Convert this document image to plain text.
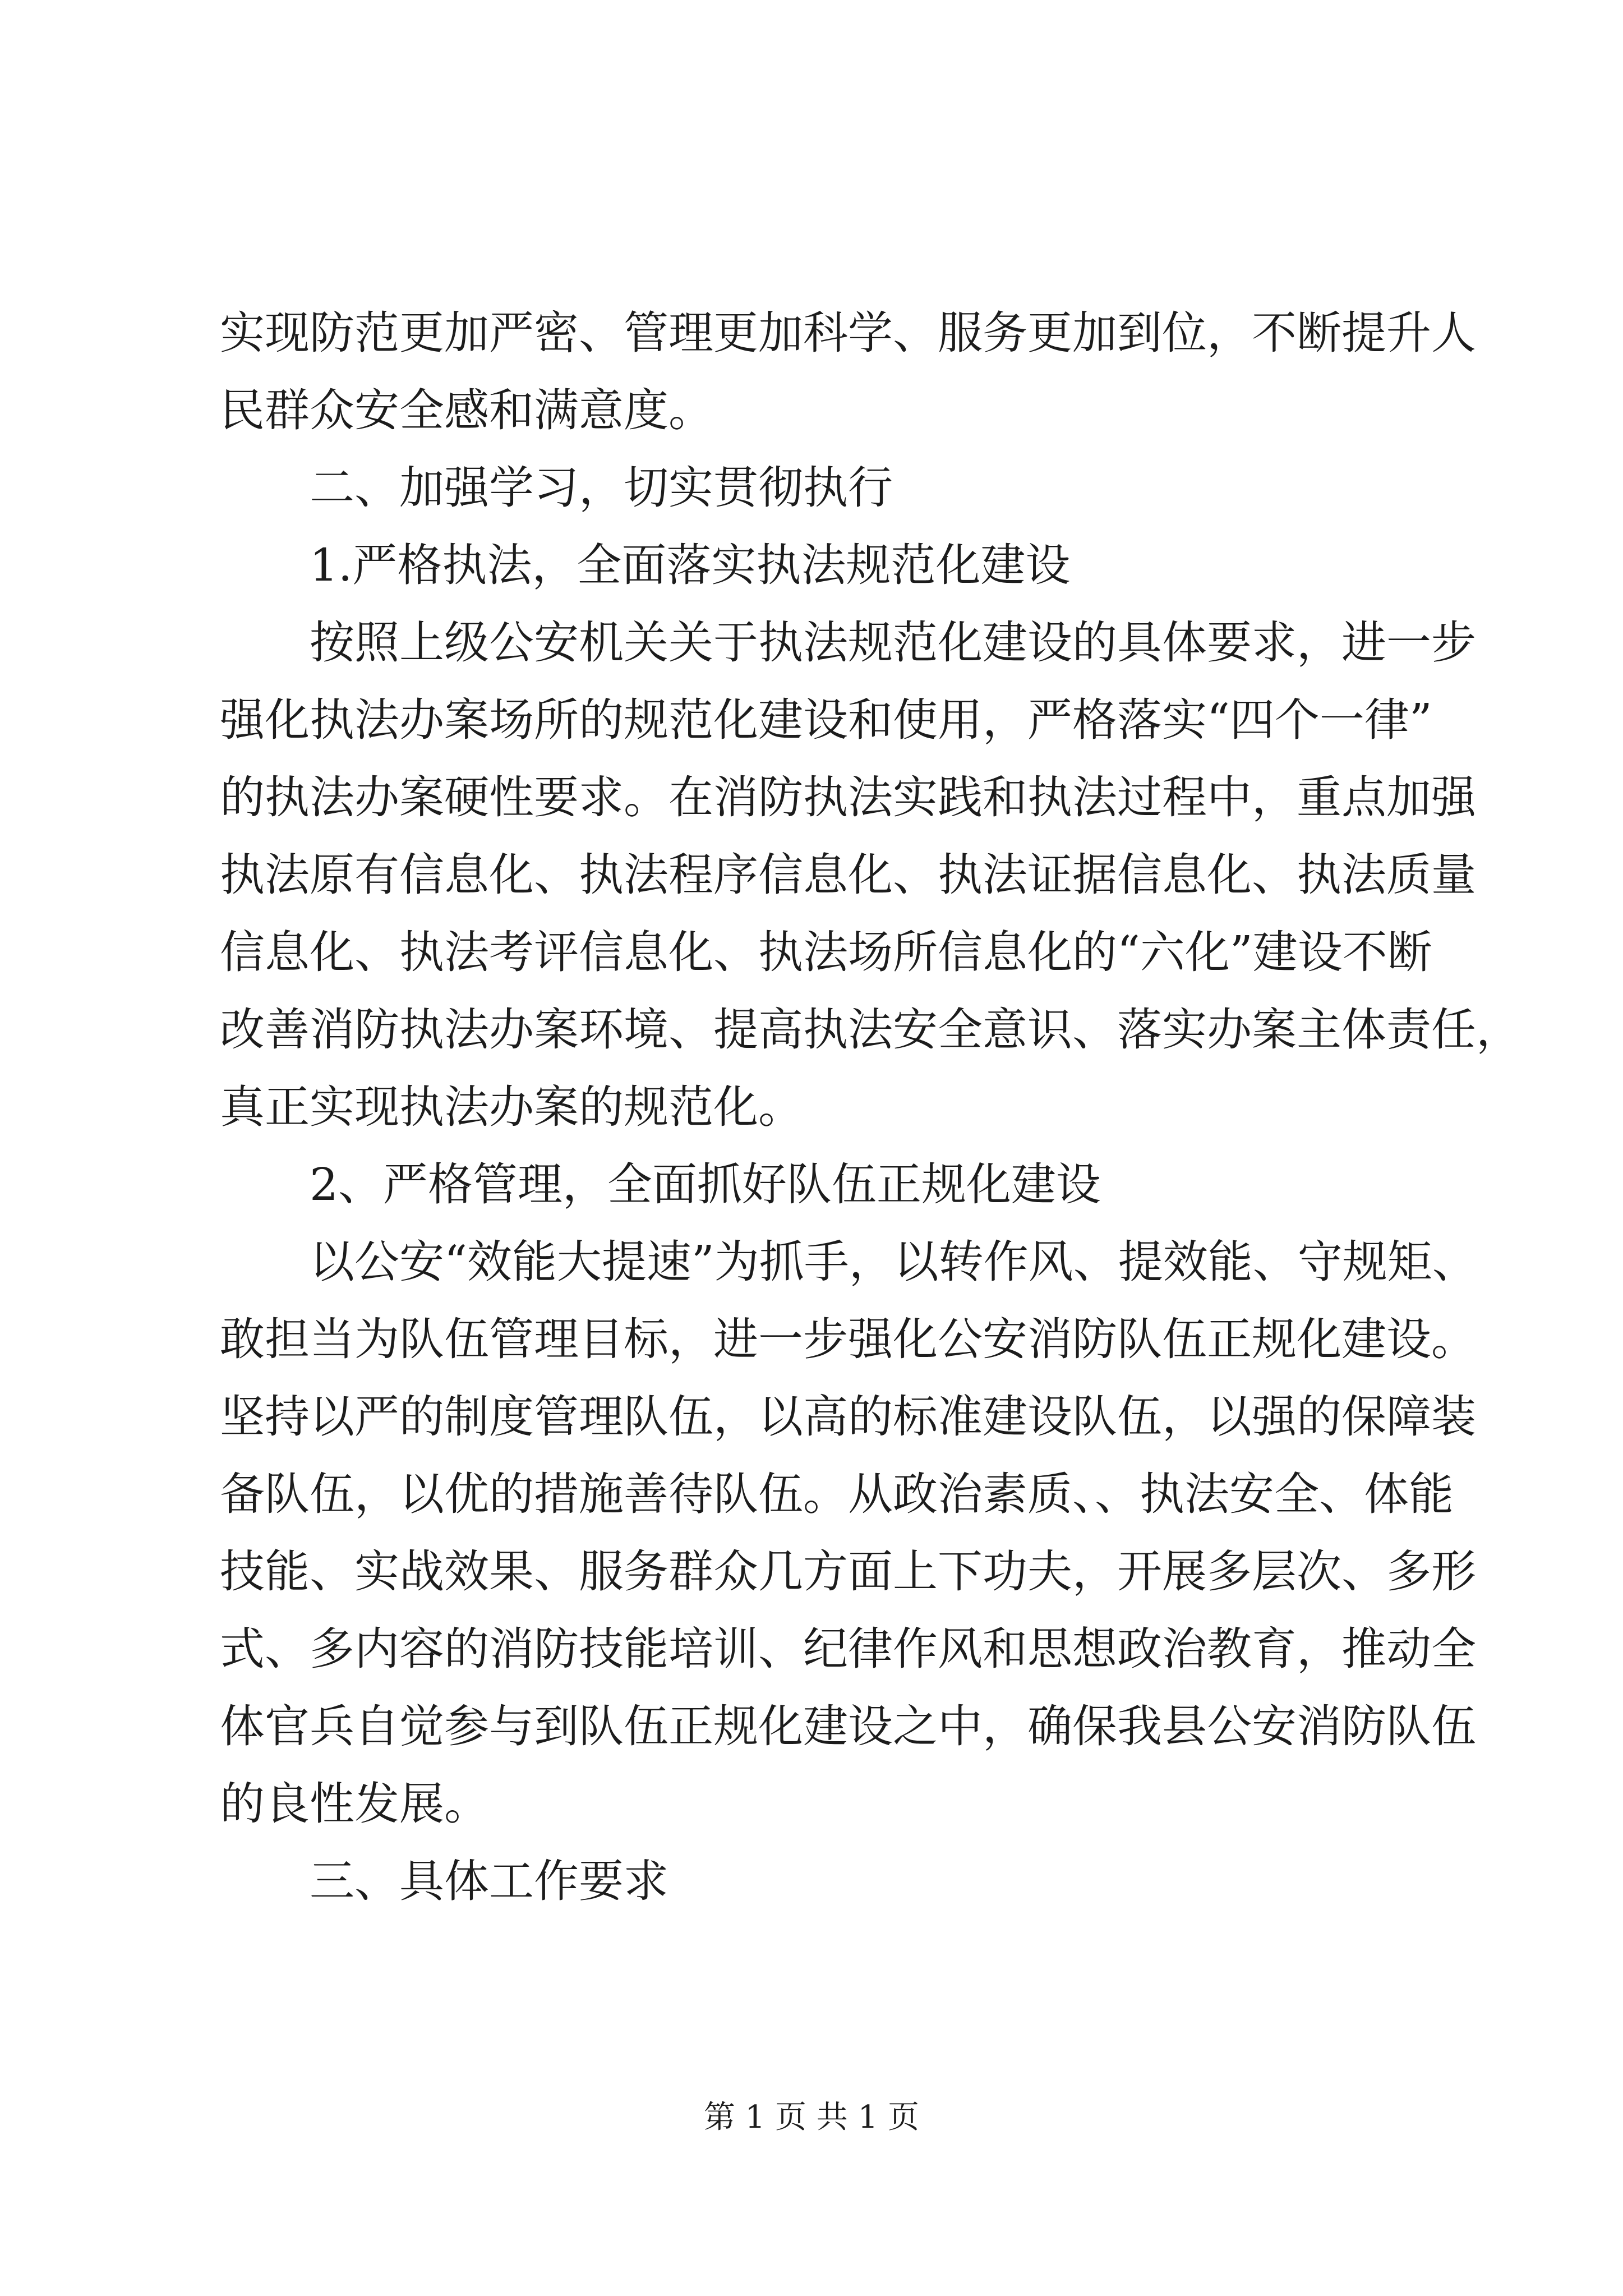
实现防范更加严密、管理更加科学、服务更加到位，不断提升人
民群众安全感和满意度。
二、加强学习，切实贯彻执行
1.严格执法，全面落实执法规范化建设
按照上级公安机关关于执法规范化建设的具体要求，进一步
强化执法办案场所的规范化建设和使用，严格落实“四个一律”
的执法办案硬性要求。在消防执法实践和执法过程中，重点加强
执法原有信息化、执法程序信息化、执法证据信息化、执法质量
信息化、执法考评信息化、执法场所信息化的“六化”建设不断
改善消防执法办案环境、提高执法安全意识、落实办案主体责任，
真正实现执法办案的规范化。
2、严格管理，全面抓好队伍正规化建设
以公安“效能大提速”为抓手，以转作风、提效能、守规矩、
敢担当为队伍管理目标，进一步强化公安消防队伍正规化建设。
坚持以严的制度管理队伍，以高的标准建设队伍，以强的保障装
备队伍，以优的措施善待队伍。从政治素质、、执法安全、体能
技能、实战效果、服务群众几方面上下功夫，开展多层次、多形
式、多内容的消防技能培训、纪律作风和思想政治教育，推动全
体官兵自觉参与到队伍正规化建设之中，确保我县公安消防队伍
的良性发展。
三、具体工作要求
第 1 页 共 1 页
